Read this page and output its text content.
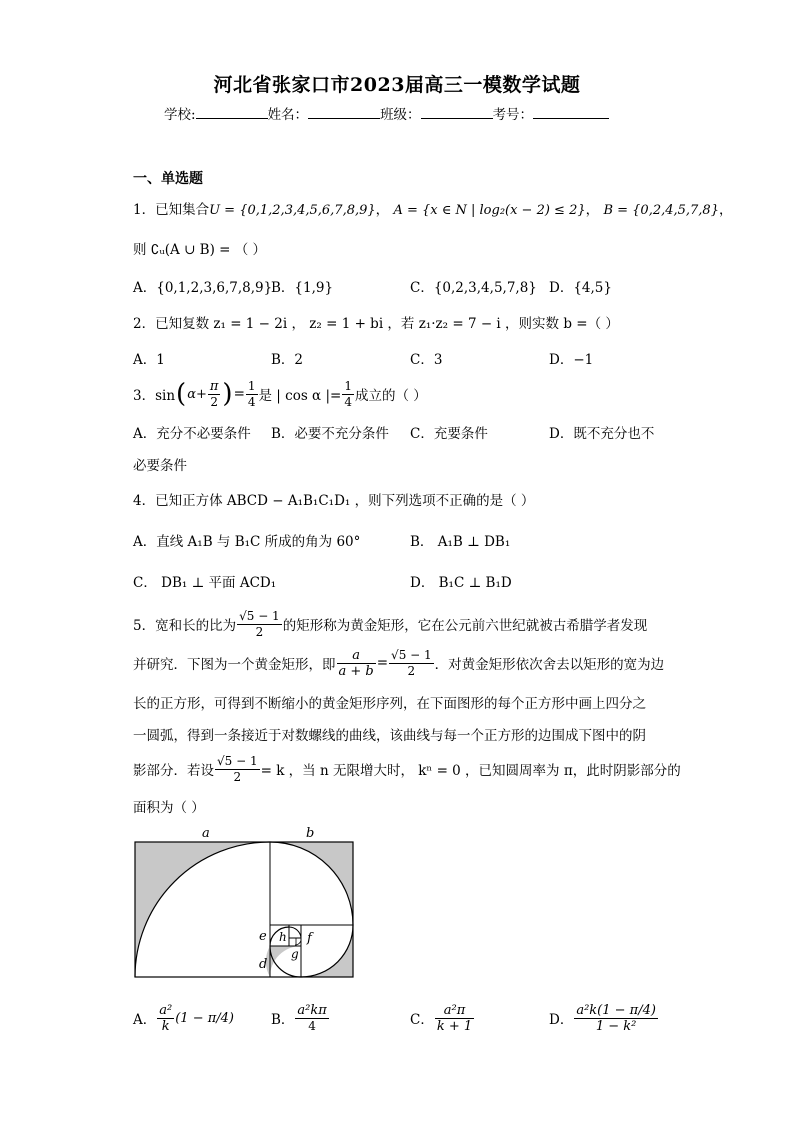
河北省张家口市2023届高三一模数学试题
学校:	姓名：	班级：	考号：
一、单选题
1．已知集合U = {0,1,2,3,4,5,6,7,8,9}， A = {x ∈ N | log₂(x − 2) ≤ 2}， B = {0,2,4,5,7,8}，
则 ∁ᵤ(A ∪ B) = （ ）
A．{0,1,2,3,6,7,8,9}
B．{1,9}	C．{0,2,3,4,5,7,8} D．{4,5}
2．已知复数 z₁ = 1 − 2i ， z₂ = 1 + bi ，若 z₁·z₂ = 7 − i ，则实数 b =（ ）
A．1	B．2	C．3	D．−1
3．sin ( $\alpha+ \frac{\pi}{2}$ ) = $\frac{1}{4}$ 是 | cos α |= $\frac{1}{4}$ 成立的（ ）
A．充分不必要条件 B．必要不充分条件 C．充要条件	D．既不充分也不
必要条件
4．已知正方体 ABCD − A₁B₁C₁D₁ ，则下列选项不正确的是（ ）
A．直线 A₁B 与 B₁C 所成的角为 60°	B． A₁B ⊥ DB₁
C． DB₁ ⊥ 平面 ACD₁	D． B₁C ⊥ B₁D
5．宽和长的比为 $\frac{√5 - 1}{2}$ 的矩形称为黄金矩形，它在公元前六世纪就被古希腊学者发现
并研究．下图为一个黄金矩形，即 $\frac{a}{a + b} = \frac{√5 - 1}{2}$ ．对黄金矩形依次舍去以矩形的宽为边
长的正方形，可得到不断缩小的黄金矩形序列，在下面图形的每个正方形中画上四分之
一圆弧，得到一条接近于对数螺线的曲线，该曲线与每一个正方形的边围成下图中的阴
影部分．若设 $\frac{√5 - 1}{2} = k$ ，当 n 无限增大时， kⁿ = 0 ，已知圆周率为 π，此时阴影部分的
面积为（ ）
a	b
e h f
g
d
A． $\frac{\text{a²}}{k} (1 - \pi/4)$	B． $\frac{\text{a²kπ}}{4}$	C． $\frac{\text{a²π}}{k + 1}$	D． $\frac{\text{a²k(1 − π/4)}}{\text{1 − k²}}$
